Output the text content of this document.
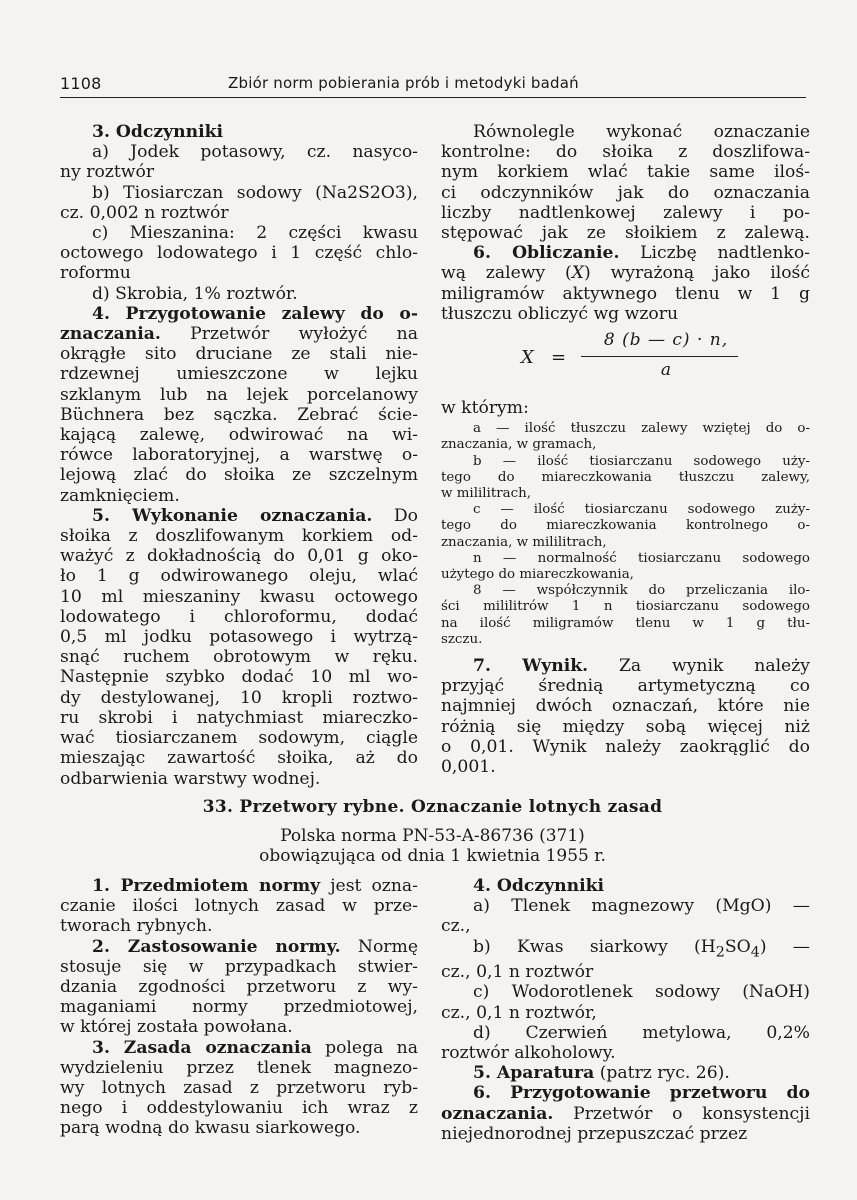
1108	Zbiór norm pobierania prób i metodyki badań
3. Odczynniki
a) Jodek potasowy, cz. nasyco-
ny roztwór
b) Tiosiarczan sodowy (Na2S2O3),
cz. 0,002 n roztwór
c) Mieszanina: 2 części kwasu
octowego lodowatego i 1 część chlo-
roformu
d) Skrobia, 1% roztwór.
4. Przygotowanie zalewy do o-
znaczania. Przetwór wyłożyć na
okrągłe sito druciane ze stali nie-
rdzewnej umieszczone w lejku
szklanym lub na lejek porcelanowy
Büchnera bez sączka. Zebrać ście-
kającą zalewę, odwirować na wi-
rówce laboratoryjnej, a warstwę o-
lejową zlać do słoika ze szczelnym
zamknięciem.
5. Wykonanie oznaczania. Do
słoika z doszlifowanym korkiem od-
ważyć z dokładnością do 0,01 g oko-
ło 1 g odwirowanego oleju, wlać
10 ml mieszaniny kwasu octowego
lodowatego i chloroformu, dodać
0,5 ml jodku potasowego i wytrzą-
snąć ruchem obrotowym w ręku.
Następnie szybko dodać 10 ml wo-
dy destylowanej, 10 kropli roztwo-
ru skrobi i natychmiast miareczko-
wać tiosiarczanem sodowym, ciągle
mieszając zawartość słoika, aż do
odbarwienia warstwy wodnej.
Równolegle wykonać oznaczanie
kontrolne: do słoika z doszlifowa-
nym korkiem wlać takie same iloś-
ci odczynników jak do oznaczania
liczby nadtlenkowej zalewy i po-
stępować jak ze słoikiem z zalewą.
6. Obliczanie. Liczbę nadtlenko-
wą zalewy (X) wyrażoną jako ilość
miligramów aktywnego tlenu w 1 g
tłuszczu obliczyć wg wzoru
X =
8 (b — c) · n,
a

w którym:

a — ilość tłuszczu zalewy wziętej do o-
znaczania, w gramach,
b — ilość tiosiarczanu sodowego uży-
tego do miareczkowania tłuszczu zalewy,
w mililitrach,
c — ilość tiosiarczanu sodowego zuży-
tego do miareczkowania kontrolnego o-
znaczania, w mililitrach,
n — normalność tiosiarczanu sodowego
użytego do miareczkowania,
8 — współczynnik do przeliczania ilo-
ści mililitrów 1 n tiosiarczanu sodowego
na ilość miligramów tlenu w 1 g tłu-
szczu.
7. Wynik. Za wynik należy
przyjąć średnią artymetyczną co
najmniej dwóch oznaczań, które nie
różnią się między sobą więcej niż
o 0,01. Wynik należy zaokrąglić do
0,001.
33. Przetwory rybne. Oznaczanie lotnych zasad
Polska norma PN-53-A-86736 (371)
obowiązująca od dnia 1 kwietnia 1955 r.
1. Przedmiotem normy jest ozna-
czanie ilości lotnych zasad w prze-
tworach rybnych.
2. Zastosowanie normy. Normę
stosuje się w przypadkach stwier-
dzania zgodności przetworu z wy-
maganiami normy przedmiotowej,
w której została powołana.
3. Zasada oznaczania polega na
wydzieleniu przez tlenek magnezo-
wy lotnych zasad z przetworu ryb-
nego i oddestylowaniu ich wraz z
parą wodną do kwasu siarkowego.
4. Odczynniki
a) Tlenek magnezowy (MgO) —
cz.,
b) Kwas siarkowy $(H_2SO_4)$ —
cz., 0,1 n roztwór
c) Wodorotlenek sodowy (NaOH)
cz., 0,1 n roztwór,
d) Czerwień metylowa, 0,2%
roztwór alkoholowy.
5. Aparatura (patrz ryc. 26).
6. Przygotowanie przetworu do
oznaczania. Przetwór o konsystencji
niejednorodnej przepuszczać przez
